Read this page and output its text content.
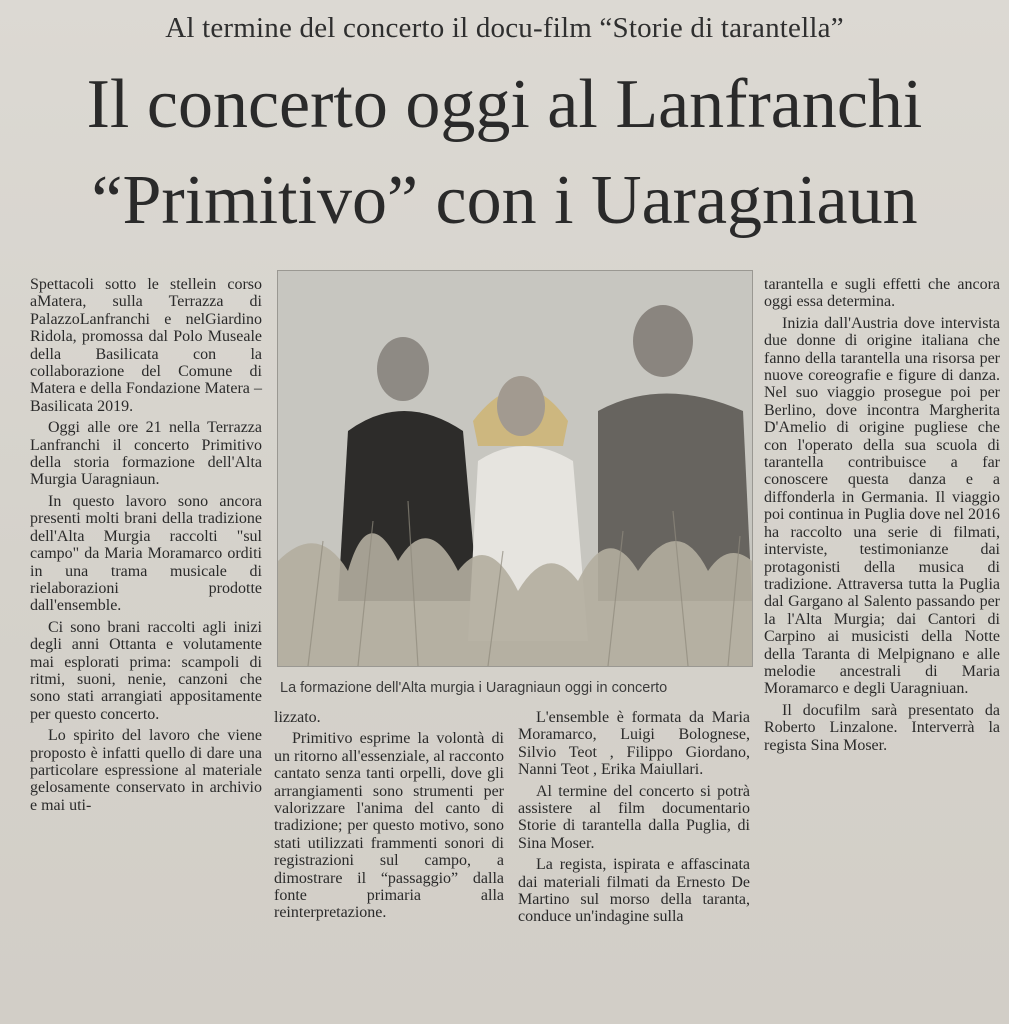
Al termine del concerto il docu-film “Storie di tarantella”
Il concerto oggi al Lanfranchi
“Primitivo” con i Uaragniaun

Spettacoli sotto le stellein corso aMatera, sulla Terrazza di PalazzoLanfranchi e nelGiardino Ridola, promossa dal Polo Museale della Basilicata con la collaborazione del Comune di Matera e della Fondazione Matera – Basilicata 2019.

Oggi alle ore 21 nella Terrazza Lanfranchi il concerto Primitivo della storia formazione dell'Alta Murgia Uaragniaun.

In questo lavoro sono ancora presenti molti brani della tradizione dell'Alta Murgia raccolti "sul campo" da Maria Moramarco orditi in una trama musicale di rielaborazioni prodotte dall'ensemble.

Ci sono brani raccolti agli inizi degli anni Ottanta e volutamente mai esplorati prima: scampoli di ritmi, suoni, nenie, canzoni che sono stati arrangiati appositamente per questo concerto.

Lo spirito del lavoro che viene proposto è infatti quello di dare una particolare espressione al materiale gelosamente conservato in archivio e mai uti-

La formazione dell'Alta murgia i Uaragniaun oggi in concerto

lizzato.

Primitivo esprime la volontà di un ritorno all'essenziale, al racconto cantato senza tanti orpelli, dove gli arrangiamenti sono strumenti per valorizzare l'anima del canto di tradizione; per questo motivo, sono stati utilizzati frammenti sonori di registrazioni sul campo, a dimostrare il “passaggio” dalla fonte primaria alla reinterpretazione.

L'ensemble è formata da Maria Moramarco, Luigi Bolognese, Silvio Teot , Filippo Giordano, Nanni Teot , Erika Maiullari.

Al termine del concerto si potrà assistere al film documentario Storie di tarantella dalla Puglia, di Sina Moser.

La regista, ispirata e affascinata dai materiali filmati da Ernesto De Martino sul morso della taranta, conduce un'indagine sulla

tarantella e sugli effetti che ancora oggi essa determina.

Inizia dall'Austria dove intervista due donne di origine italiana che fanno della tarantella una risorsa per nuove coreografie e figure di danza. Nel suo viaggio prosegue poi per Berlino, dove incontra Margherita D'Amelio di origine pugliese che con l'operato della sua scuola di tarantella contribuisce a far conoscere questa danza e a diffonderla in Germania. Il viaggio poi continua in Puglia dove nel 2016 ha raccolto una serie di filmati, interviste, testimonianze dai protagonisti della musica di tradizione. Attraversa tutta la Puglia dal Gargano al Salento passando per la l'Alta Murgia; dai Cantori di Carpino ai musicisti della Notte della Taranta di Melpignano e alle melodie ancestrali di Maria Moramarco e degli Uaragniuan.

Il docufilm sarà presentato da Roberto Linzalone. Interverrà la regista Sina Moser.
